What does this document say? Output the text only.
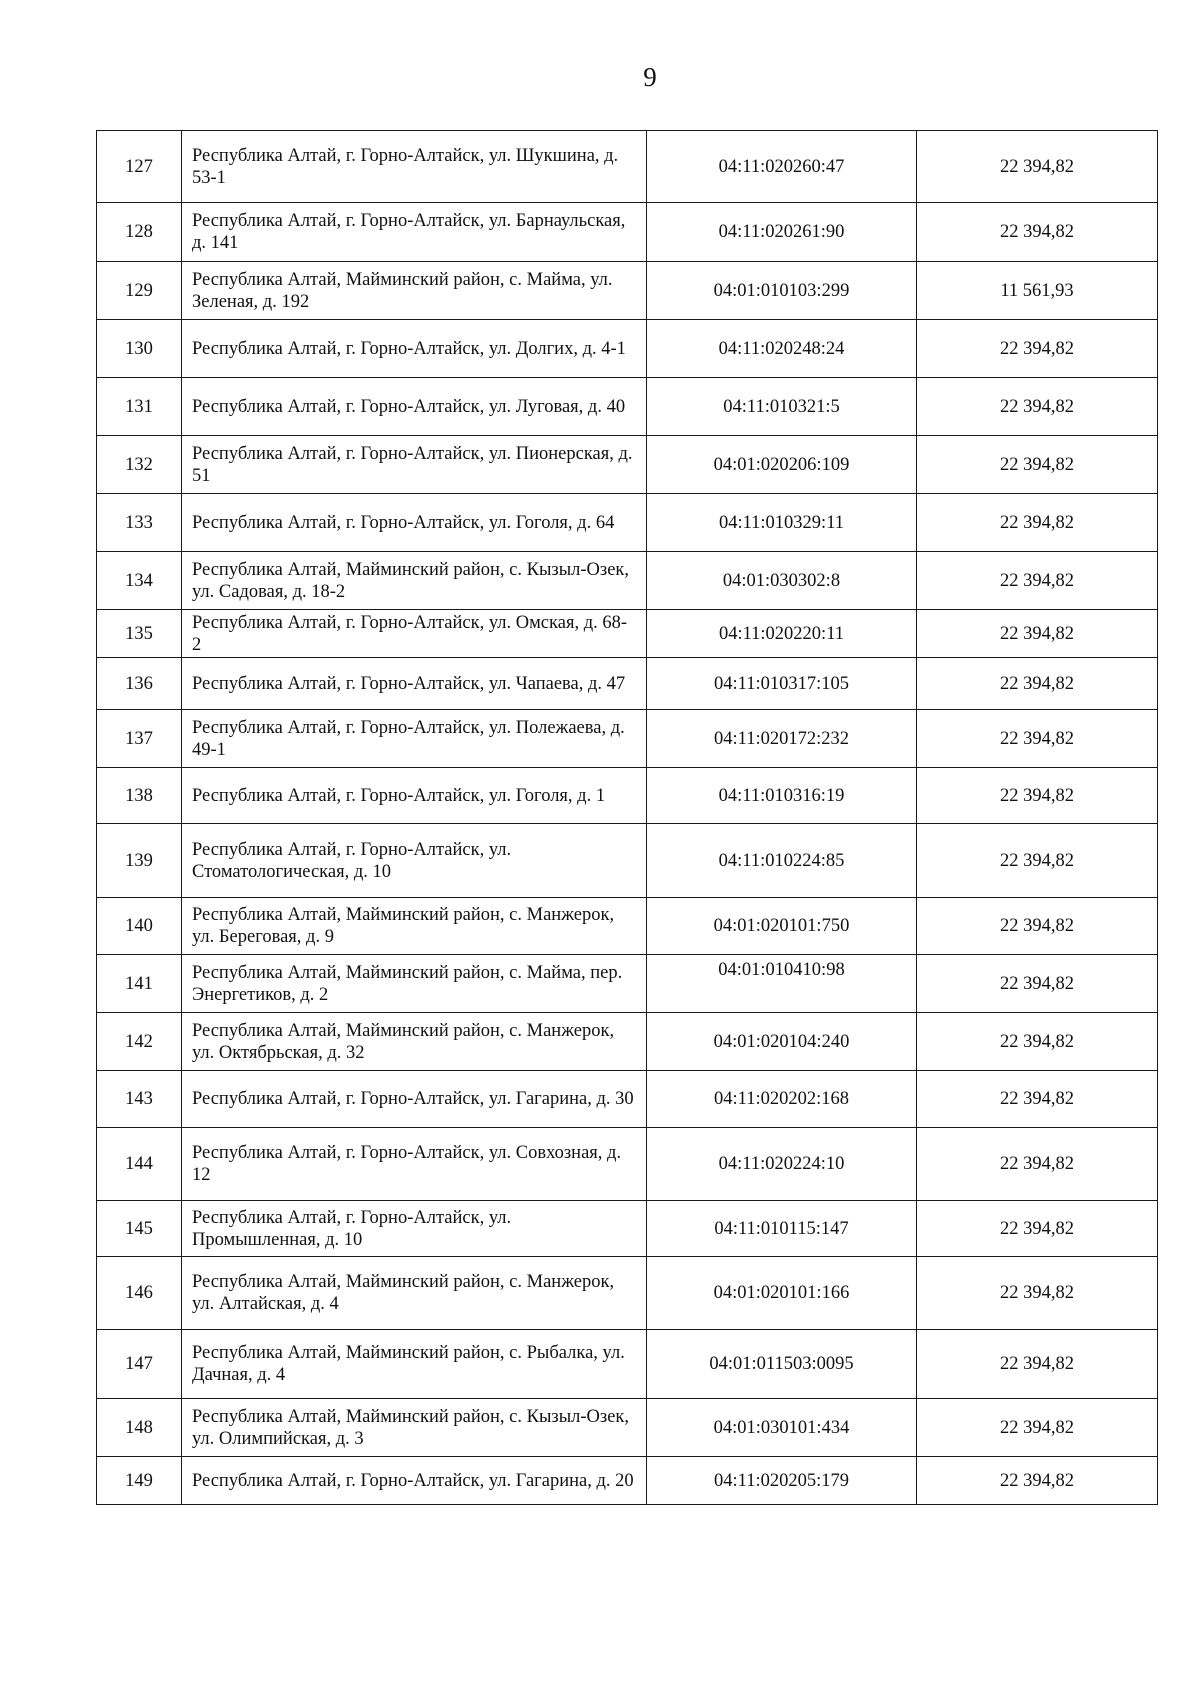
9
127	Республика Алтай, г. Горно-Алтайск, ул. Шукшина, д. 53-1	04:11:020260:47	22 394,82
128	Республика Алтай, г. Горно-Алтайск, ул. Барнаульская, д. 141	04:11:020261:90	22 394,82
129	Республика Алтай, Майминский район, с. Майма, ул. Зеленая, д. 192	04:01:010103:299	11 561,93
130	Республика Алтай, г. Горно-Алтайск, ул. Долгих, д. 4-1	04:11:020248:24	22 394,82
131	Республика Алтай, г. Горно-Алтайск, ул. Луговая, д. 40	04:11:010321:5	22 394,82
132	Республика Алтай, г. Горно-Алтайск, ул. Пионерская, д. 51	04:01:020206:109	22 394,82
133	Республика Алтай, г. Горно-Алтайск, ул. Гоголя, д. 64	04:11:010329:11	22 394,82
134	Республика Алтай, Майминский район, с. Кызыл-Озек, ул. Садовая, д. 18-2	04:01:030302:8	22 394,82
135	Республика Алтай, г. Горно-Алтайск, ул. Омская, д. 68-2	04:11:020220:11	22 394,82
136	Республика Алтай, г. Горно-Алтайск, ул. Чапаева, д. 47	04:11:010317:105	22 394,82
137	Республика Алтай, г. Горно-Алтайск, ул. Полежаева, д. 49-1	04:11:020172:232	22 394,82
138	Республика Алтай, г. Горно-Алтайск, ул. Гоголя, д. 1	04:11:010316:19	22 394,82
139	Республика Алтай, г. Горно-Алтайск, ул. Стоматологическая, д. 10	04:11:010224:85	22 394,82
140	Республика Алтай, Майминский район, с. Манжерок, ул. Береговая, д. 9	04:01:020101:750	22 394,82
141	Республика Алтай, Майминский район, с. Майма, пер. Энергетиков, д. 2	04:01:010410:98	22 394,82
142	Республика Алтай, Майминский район, с. Манжерок, ул. Октябрьская, д. 32	04:01:020104:240	22 394,82
143	Республика Алтай, г. Горно-Алтайск, ул. Гагарина, д. 30	04:11:020202:168	22 394,82
144	Республика Алтай, г. Горно-Алтайск, ул. Совхозная, д. 12	04:11:020224:10	22 394,82
145	Республика Алтай, г. Горно-Алтайск, ул. Промышленная, д. 10	04:11:010115:147	22 394,82
146	Республика Алтай, Майминский район, с. Манжерок, ул. Алтайская, д. 4	04:01:020101:166	22 394,82
147	Республика Алтай, Майминский район, с. Рыбалка, ул. Дачная, д. 4	04:01:011503:0095	22 394,82
148	Республика Алтай, Майминский район, с. Кызыл-Озек, ул. Олимпийская, д. 3	04:01:030101:434	22 394,82
149	Республика Алтай, г. Горно-Алтайск, ул. Гагарина, д. 20	04:11:020205:179	22 394,82
